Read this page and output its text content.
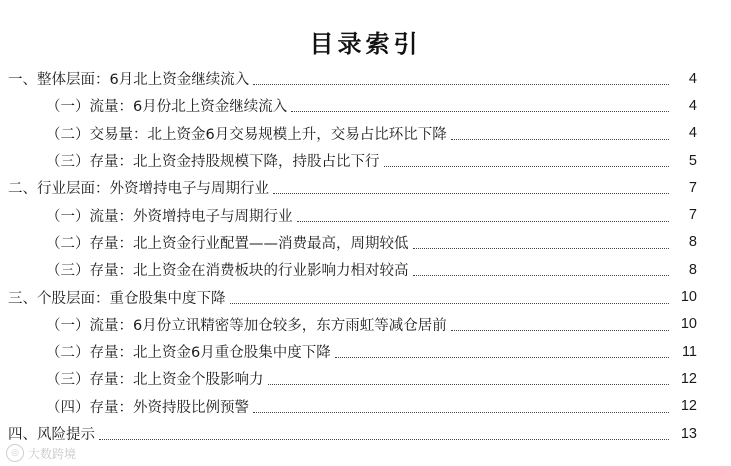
目录索引
一、整体层面：6月北上资金继续流入	4
（一）流量：6月份北上资金继续流入	4
（二）交易量：北上资金6月交易规模上升，交易占比环比下降	4
（三）存量：北上资金持股规模下降，持股占比下行	5
二、行业层面：外资增持电子与周期行业	7
（一）流量：外资增持电子与周期行业	7
（二）存量：北上资金行业配置——消费最高，周期较低	8
（三）存量：北上资金在消费板块的行业影响力相对较高	8
三、个股层面：重仓股集中度下降	10
（一）流量：6月份立讯精密等加仓较多，东方雨虹等减仓居前	10
（二）存量：北上资金6月重仓股集中度下降	11
（三）存量：北上资金个股影响力	12
（四）存量：外资持股比例预警	12
四、风险提示	13
◎ 大数跨境
